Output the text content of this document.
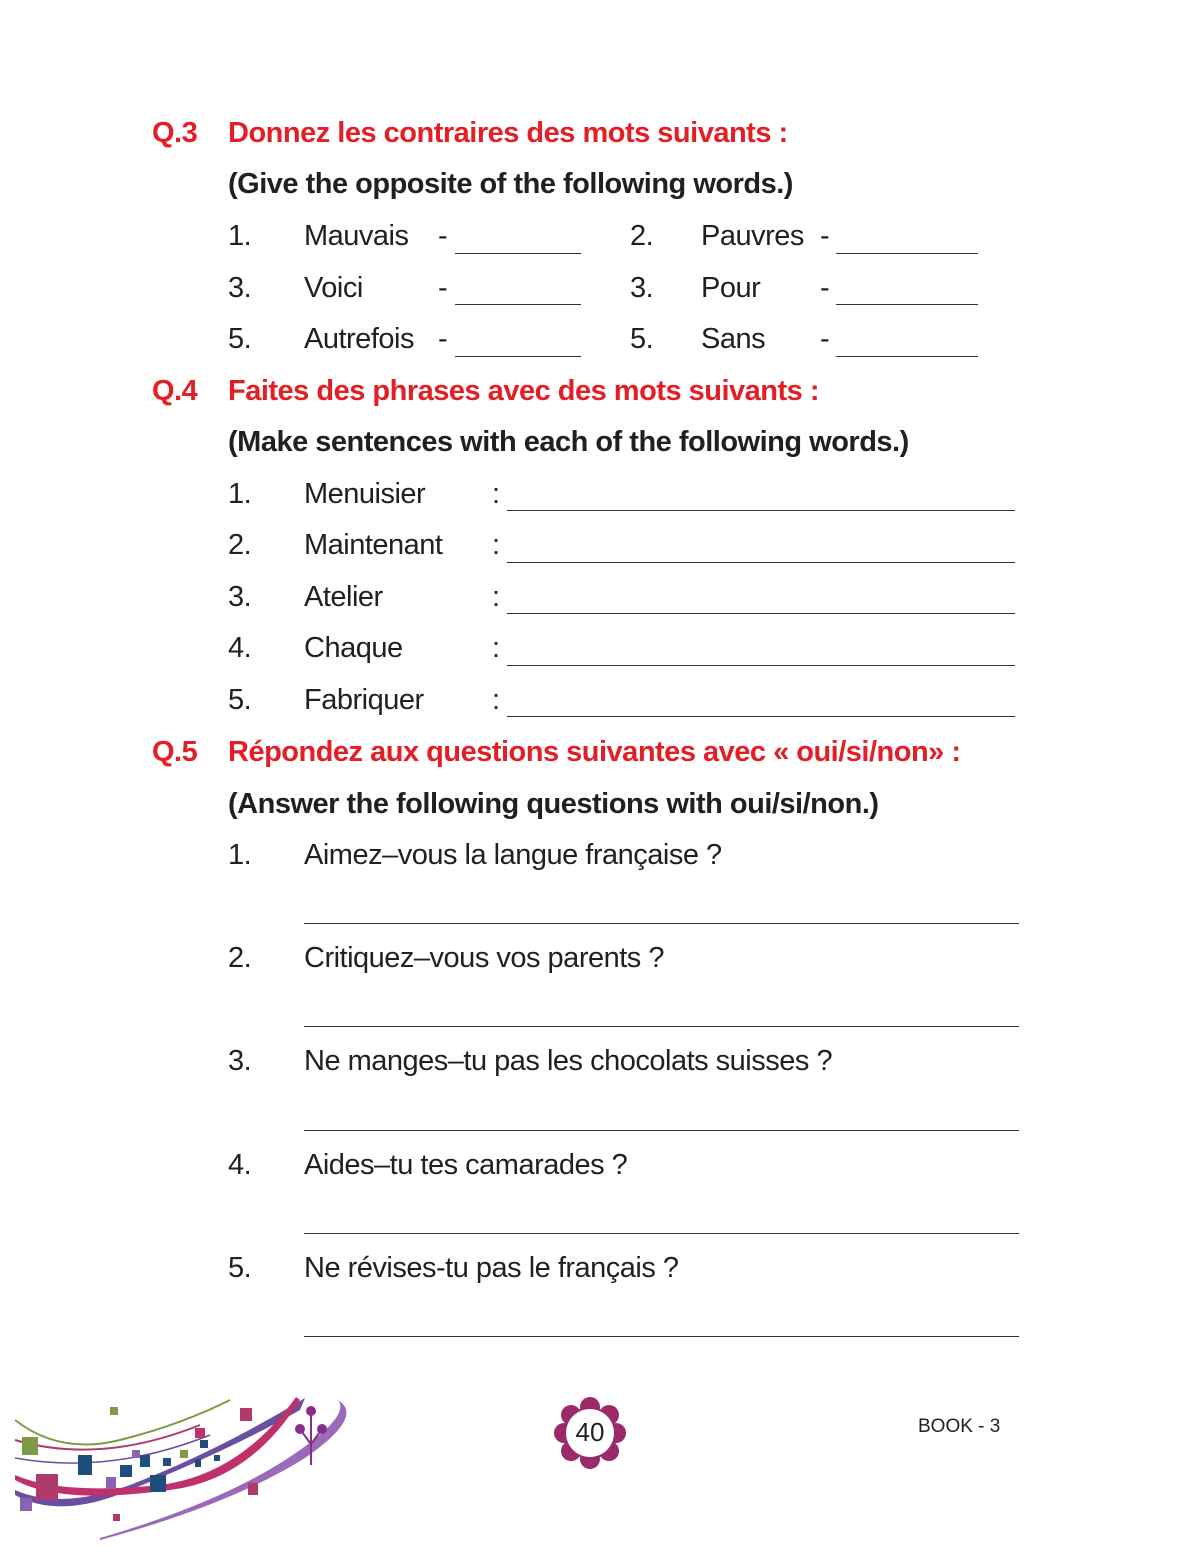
Q.3 Donnez les contraires des mots suivants :
(Give the opposite of the following words.)
1. Mauvais -	2. Pauvres -
3. Voici	-	3. Pour -
5. Autrefois -	5. Sans -
Q.4 Faites des phrases avec des mots suivants :
(Make sentences with each of the following words.)
1. Menuisier :
2. Maintenant :
3. Atelier	:
4. Chaque	:
5. Fabriquer :
Q.5 Répondez aux questions suivantes avec « oui/si/non» :
(Answer the following questions with oui/si/non.)
1. Aimez–vous la langue française ?
2. Critiquez–vous vos parents ?
3. Ne manges–tu pas les chocolats suisses ?
4. Aides–tu tes camarades ?
5. Ne révises-tu pas le français ?
40	BOOK - 3
